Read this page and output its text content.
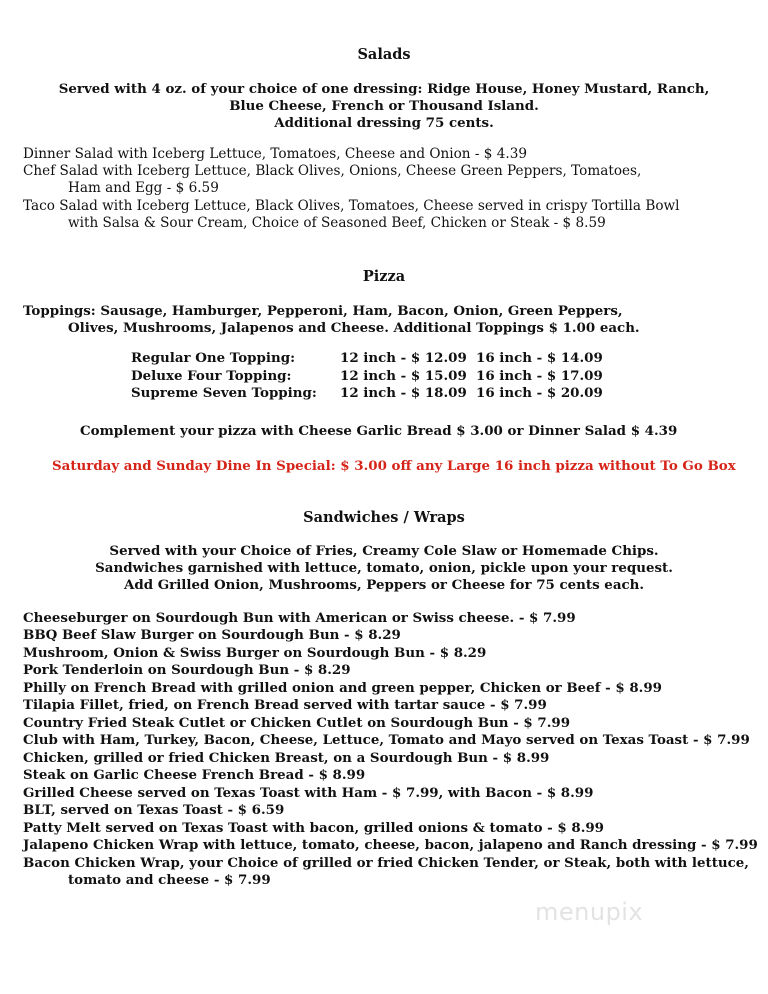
Salads
Served with 4 oz. of your choice of one dressing: Ridge House, Honey Mustard, Ranch,
Blue Cheese, French or Thousand Island.
Additional dressing 75 cents.
Dinner Salad with Iceberg Lettuce, Tomatoes, Cheese and Onion - $ 4.39
Chef Salad with Iceberg Lettuce, Black Olives, Onions, Cheese Green Peppers, Tomatoes,
Ham and Egg - $ 6.59
Taco Salad with Iceberg Lettuce, Black Olives, Tomatoes, Cheese served in crispy Tortilla Bowl
with Salsa & Sour Cream, Choice of Seasoned Beef, Chicken or Steak - $ 8.59
Pizza
Toppings: Sausage, Hamburger, Pepperoni, Ham, Bacon, Onion, Green Peppers,
Olives, Mushrooms, Jalapenos and Cheese. Additional Toppings $ 1.00 each.
Regular One Topping:	12 inch - $ 12.09 16 inch - $ 14.09
Deluxe Four Topping:	12 inch - $ 15.09 16 inch - $ 17.09
Supreme Seven Topping:	12 inch - $ 18.09 16 inch - $ 20.09
Complement your pizza with Cheese Garlic Bread $ 3.00 or Dinner Salad $ 4.39
Saturday and Sunday Dine In Special: $ 3.00 off any Large 16 inch pizza without To Go Box
Sandwiches / Wraps
Served with your Choice of Fries, Creamy Cole Slaw or Homemade Chips.
Sandwiches garnished with lettuce, tomato, onion, pickle upon your request.
Add Grilled Onion, Mushrooms, Peppers or Cheese for 75 cents each.
Cheeseburger on Sourdough Bun with American or Swiss cheese. - $ 7.99
BBQ Beef Slaw Burger on Sourdough Bun - $ 8.29
Mushroom, Onion & Swiss Burger on Sourdough Bun - $ 8.29
Pork Tenderloin on Sourdough Bun - $ 8.29
Philly on French Bread with grilled onion and green pepper, Chicken or Beef - $ 8.99
Tilapia Fillet, fried, on French Bread served with tartar sauce - $ 7.99
Country Fried Steak Cutlet or Chicken Cutlet on Sourdough Bun - $ 7.99
Club with Ham, Turkey, Bacon, Cheese, Lettuce, Tomato and Mayo served on Texas Toast - $ 7.99
Chicken, grilled or fried Chicken Breast, on a Sourdough Bun - $ 8.99
Steak on Garlic Cheese French Bread - $ 8.99
Grilled Cheese served on Texas Toast with Ham - $ 7.99, with Bacon - $ 8.99
BLT, served on Texas Toast - $ 6.59
Patty Melt served on Texas Toast with bacon, grilled onions & tomato - $ 8.99
Jalapeno Chicken Wrap with lettuce, tomato, cheese, bacon, jalapeno and Ranch dressing - $ 7.99
Bacon Chicken Wrap, your Choice of grilled or fried Chicken Tender, or Steak, both with lettuce,
tomato and cheese - $ 7.99
menupix
